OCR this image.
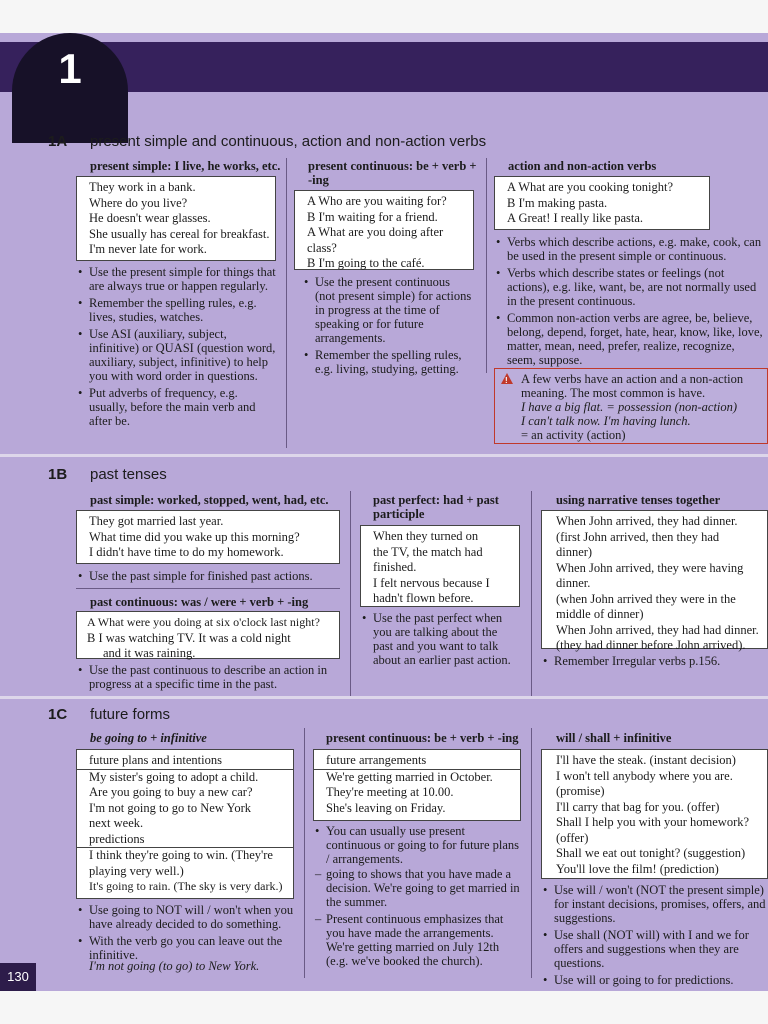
1
1A present simple and continuous, action and non-action verbs
present simple: I live, he works, etc.
They work in a bank.
Where do you live?
He doesn't wear glasses.
She usually has cereal for breakfast.
I'm never late for work.
• Use the present simple for things that are always true or happen regularly.
• Remember the spelling rules, e.g. lives, studies, watches.
• Use ASI (auxiliary, subject, infinitive) or QUASI (question word, auxiliary, subject, infinitive) to help you with word order in questions.
• Put adverbs of frequency, e.g. usually, before the main verb and after be.
present continuous: be + verb + -ing
A Who are you waiting for?
B I'm waiting for a friend.
A What are you doing after class?
B I'm going to the café.
• Use the present continuous (not present simple) for actions in progress at the time of speaking or for future arrangements.
• Remember the spelling rules, e.g. living, studying, getting.
action and non-action verbs
A What are you cooking tonight?
B I'm making pasta.
A Great! I really like pasta.
• Verbs which describe actions, e.g. make, cook, can be used in the present simple or continuous.
• Verbs which describe states or feelings (not actions), e.g. like, want, be, are not normally used in the present continuous.
• Common non-action verbs are agree, be, believe, belong, depend, forget, hate, hear, know, like, love, matter, mean, need, prefer, realize, recognize, seem, suppose.
! A few verbs have an action and a non-action
meaning. The most common is have.
I have a big flat. = possession (non-action)
I can't talk now. I'm having lunch.
= an activity (action)
1B past tenses
past simple: worked, stopped, went, had, etc.
They got married last year.
What time did you wake up this morning?
I didn't have time to do my homework.
• Use the past simple for finished past actions.
past continuous: was / were + verb + -ing
A What were you doing at six o'clock last night?
B I was watching TV. It was a cold night
and it was raining.
• Use the past continuous to describe an action in progress at a specific time in the past.
past perfect: had + past participle
When they turned on
the TV, the match had
finished.
I felt nervous because I
hadn't flown before.
• Use the past perfect when you are talking about the past and you want to talk about an earlier past action.
using narrative tenses together
When John arrived, they had dinner.
(first John arrived, then they had
dinner)
When John arrived, they were having
dinner.
(when John arrived they were in the
middle of dinner)
When John arrived, they had had dinner.
(they had dinner before John arrived).
• Remember Irregular verbs p.156.
1C future forms
be going to + infinitive
future plans and intentions
My sister's going to adopt a child.
Are you going to buy a new car?
I'm not going to go to New York
next week.
predictions
I think they're going to win. (They're
playing very well.)
It's going to rain. (The sky is very dark.)
• Use going to NOT will / won't when you have already decided to do something.
• With the verb go you can leave out the infinitive.
I'm not going (to go) to New York.
present continuous: be + verb + -ing
future arrangements
We're getting married in October.
They're meeting at 10.00.
She's leaving on Friday.
• You can usually use present continuous or going to for future plans / arrangements.
– going to shows that you have made a decision. We're going to get married in the summer.
– Present continuous emphasizes that you have made the arrangements. We're getting married on July 12th (e.g. we've booked the church).
will / shall + infinitive
I'll have the steak. (instant decision)
I won't tell anybody where you are.
(promise)
I'll carry that bag for you. (offer)
Shall I help you with your homework?
(offer)
Shall we eat out tonight? (suggestion)
You'll love the film! (prediction)
• Use will / won't (NOT the present simple) for instant decisions, promises, offers, and suggestions.
• Use shall (NOT will) with I and we for offers and suggestions when they are questions.
• Use will or going to for predictions.
130
